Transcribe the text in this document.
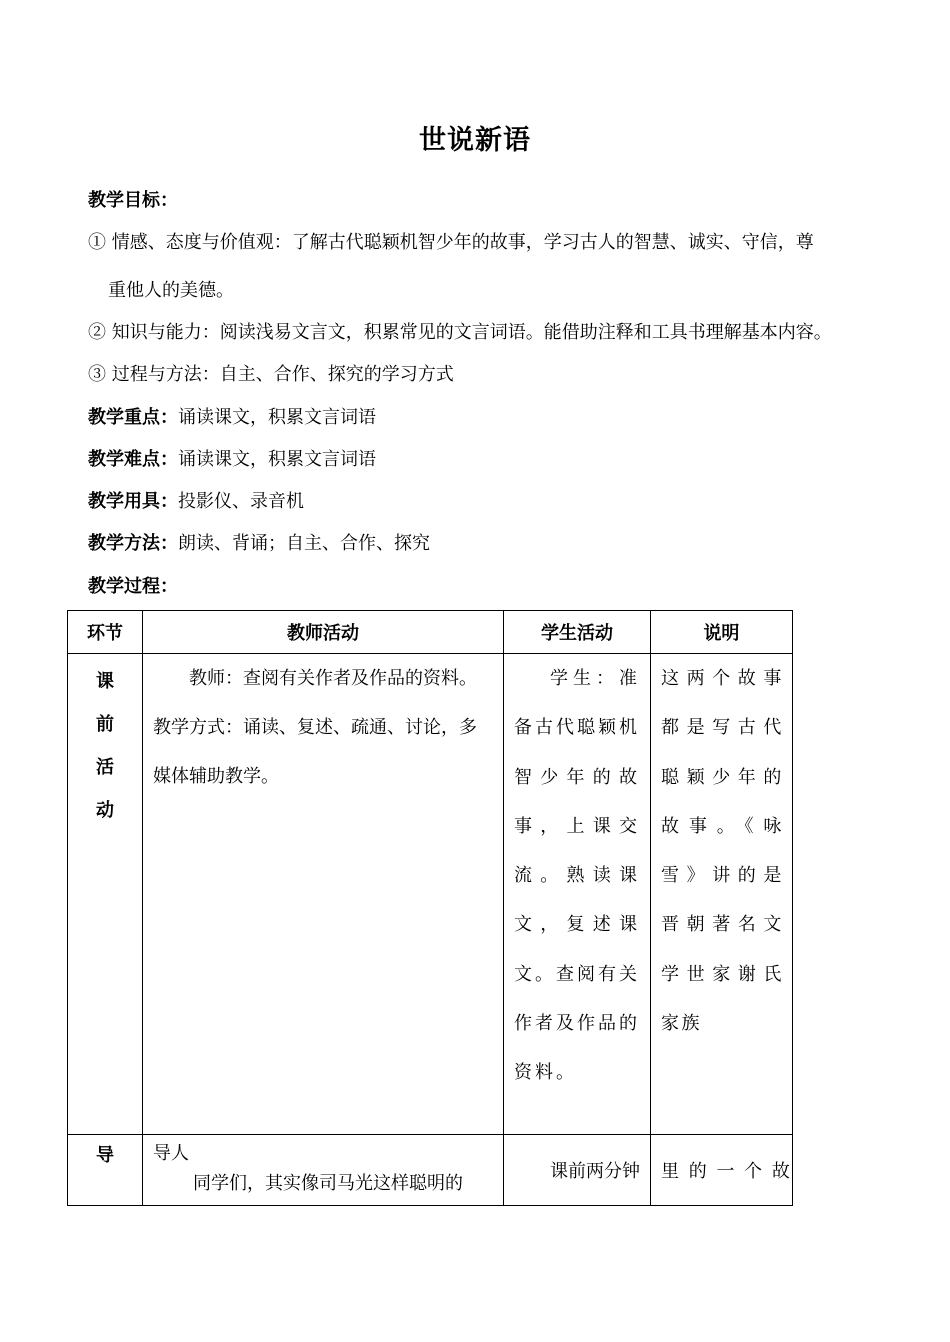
世说新语
教学目标：
① 情感、态度与价值观：了解古代聪颖机智少年的故事，学习古人的智慧、诚实、守信，尊
重他人的美德。
② 知识与能力：阅读浅易文言文，积累常见的文言词语。能借助注释和工具书理解基本内容。
③ 过程与方法：自主、合作、探究的学习方式
教学重点：诵读课文，积累文言词语
教学难点：诵读课文，积累文言词语
教学用具：投影仪、录音机
教学方法：朗读、背诵；自主、合作、探究
教学过程：
环节	教师活动	学生活动	说明

课
前
活
动	教师：查阅有关作者及作品的资料。
教学方式：诵读、复述、疏通、讨论，多媒体辅助教学。	学生：准备古代聪颖机智少年的故事，上课交流。熟读课文，复述课文。查阅有关作者及作品的资料。	这两个故事都是写古代聪颖少年的故事。《咏雪》讲的是晋朝著名文学世家谢氏家族

导	导人
同学们，其实像司马光这样聪明的	课前两分钟	里 的 一 个 故
